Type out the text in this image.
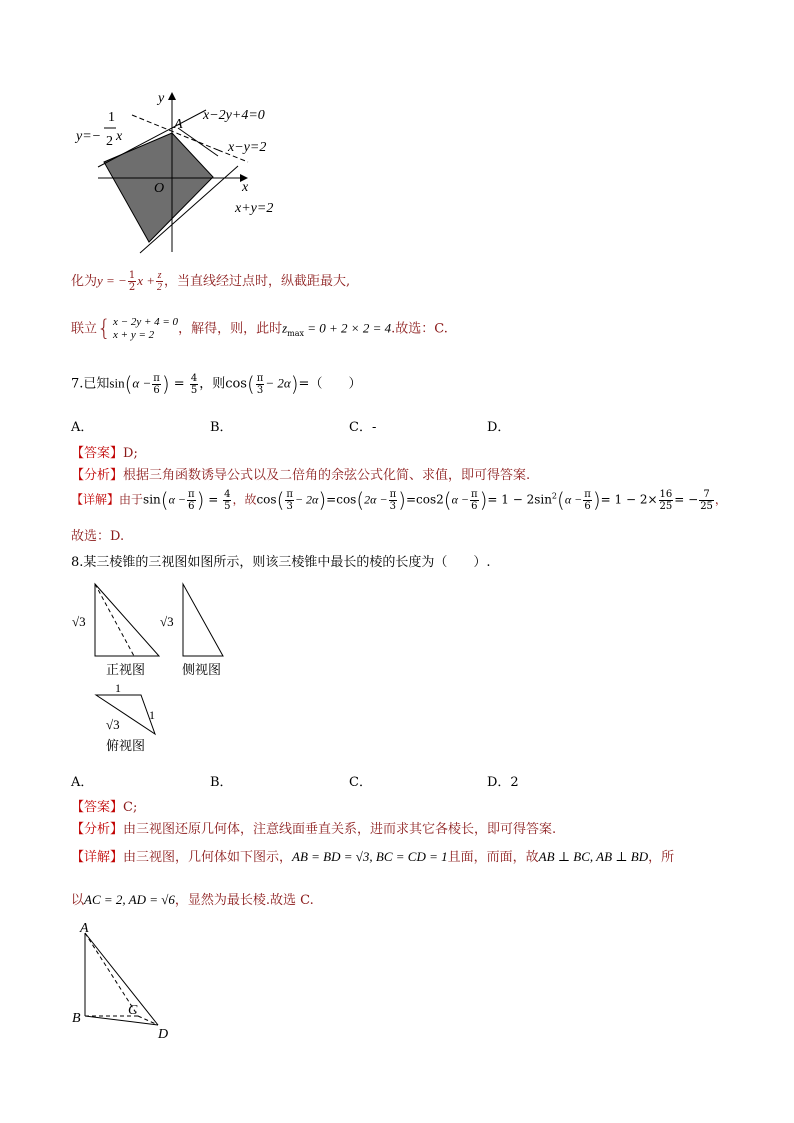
y
x
O
A
x−2y+4=0
x−y=2
x+y=2
y=−
1
2 x
化为y = − $\frac{1}{2}$ $x + \frac{z}{2}$ ，当直线经过点时，纵截距最大,
联立{ x − 2y + 4 = 0
x + y = 2	，解得，则，此时$z_{max} = 0 + 2 \times 2 = 4$.故选：C.
7.已知$\sin(\alpha - \frac{\pi}{6}$ ) = $\frac{4}{5}$ ，则$\cos( \frac{\pi}{3} - 2\alpha)=$（　　）
A．	B．	C．-	D．
【答案】D;
【分析】根据三角函数诱导公式以及二倍角的余弦公式化简、求值，即可得答案.
【详解】由于$\sin(\alpha - \frac{\pi}{6}$ ) = $\frac{4}{5}$ ，故$\cos( \frac{\pi}{3} - 2\alpha)=\cos(2\alpha - \frac{\pi}{3} )=\cos 2(\alpha - \frac{\pi}{6}$ )= $1 - 2\sin^2(\alpha - \frac{\pi}{6}$ )= $1 - 2\times \frac{16}{25}$ = − $\frac{7}{25}$ ，
故选：D.
8.某三棱锥的三视图如图所示，则该三棱锥中最长的棱的长度为（　　）.
√3
正视图
√3
侧视图
1
1
√3
俯视图
A．	B．	C．	D．2
【答案】C;
【分析】由三视图还原几何体，注意线面垂直关系，进而求其它各棱长，即可得答案.
【详解】由三视图，几何体如下图示，AB = BD = √3, BC = CD = 1且面，而面，故AB ⊥ BC, AB ⊥ BD，所
以AC = 2, AD = √6，显然为最长棱.故选 C.
A
B
C
D
